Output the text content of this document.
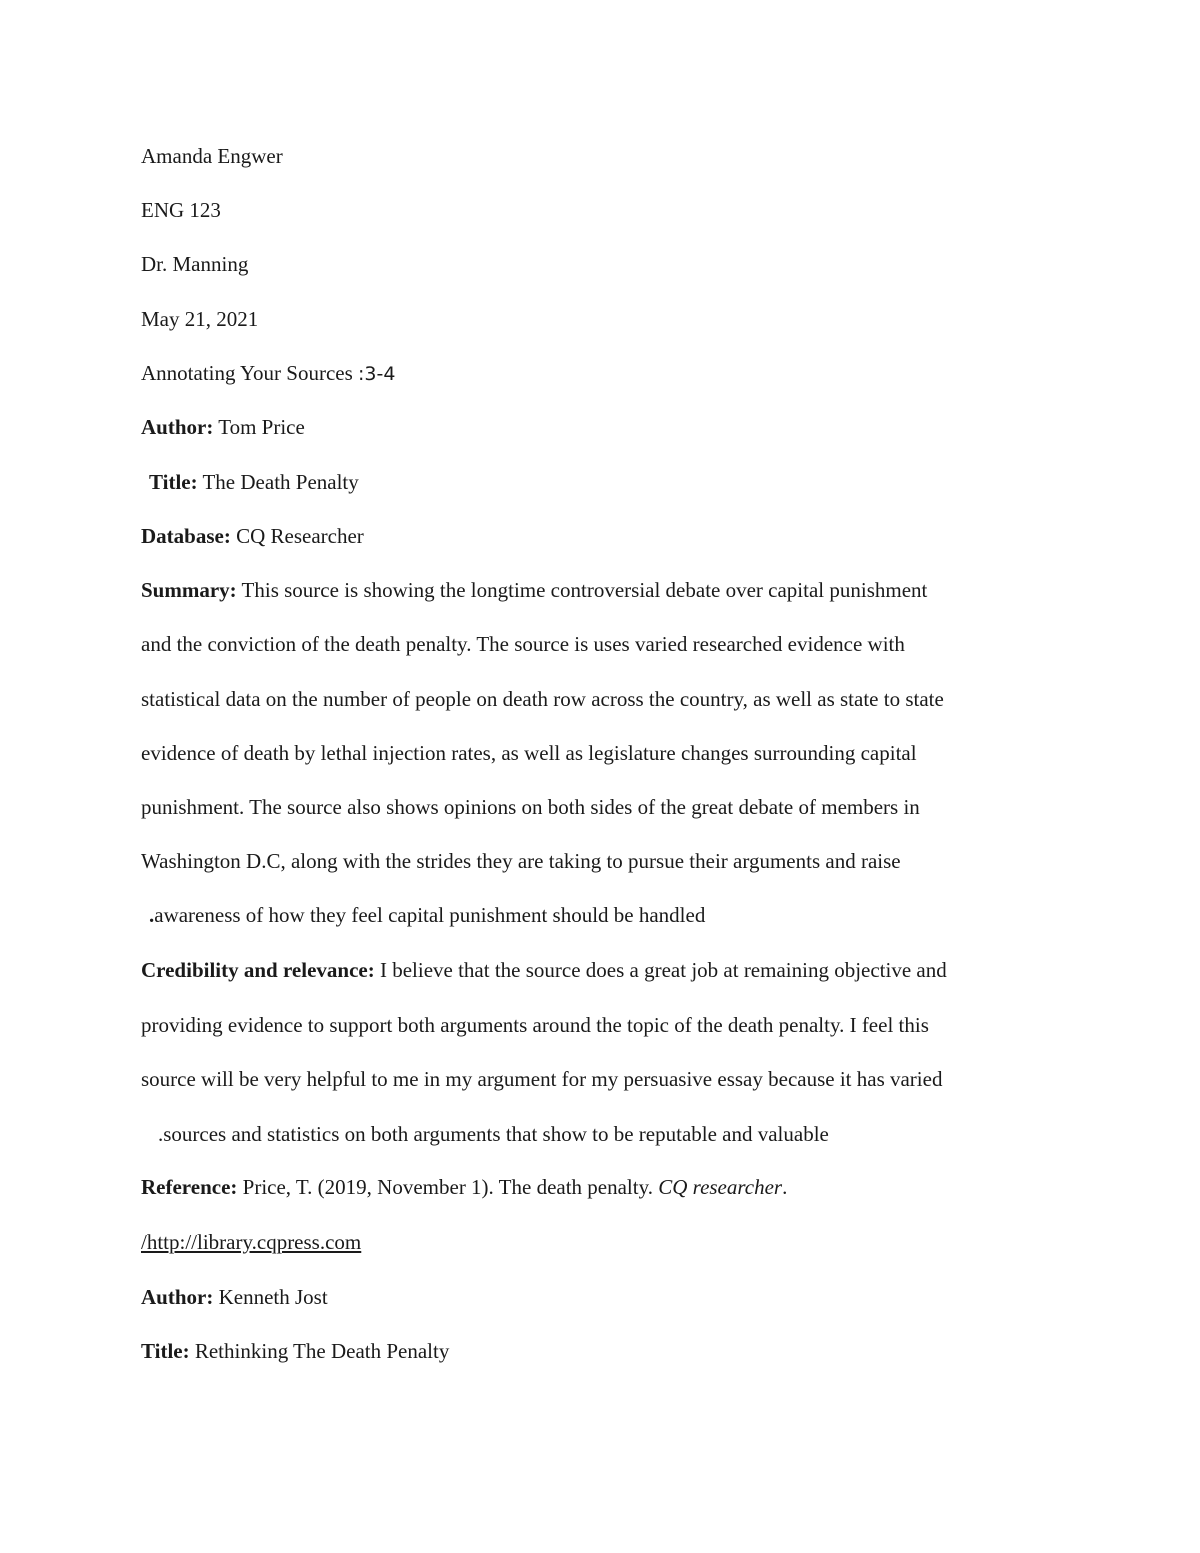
Amanda Engwer
ENG 123
Dr. Manning
May 21, 2021
Annotating Your Sources :3-4
Author: Tom Price
Title: The Death Penalty
Database: CQ Researcher
Summary: This source is showing the longtime controversial debate over capital punishment
and the conviction of the death penalty. The source is uses varied researched evidence with
statistical data on the number of people on death row across the country, as well as state to state
evidence of death by lethal injection rates, as well as legislature changes surrounding capital
punishment. The source also shows opinions on both sides of the great debate of members in
Washington D.C, along with the strides they are taking to pursue their arguments and raise
.awareness of how they feel capital punishment should be handled
Credibility and relevance: I believe that the source does a great job at remaining objective and
providing evidence to support both arguments around the topic of the death penalty. I feel this
source will be very helpful to me in my argument for my persuasive essay because it has varied
.sources and statistics on both arguments that show to be reputable and valuable
Reference: Price, T. (2019, November 1). The death penalty. CQ researcher.
/http://library.cqpress.com
Author: Kenneth Jost
Title: Rethinking The Death Penalty
